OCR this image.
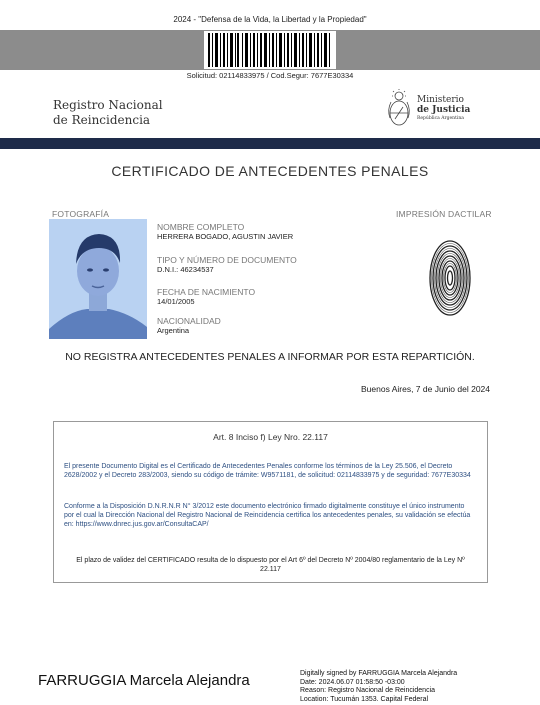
2024 - "Defensa de la Vida, la Libertad y la Propiedad"
Solicitud: 02114833975 / Cod.Segur: 7677E30334
Registro Nacional
de Reincidencia
Ministerio
de Justicia
República Argentina
CERTIFICADO DE ANTECEDENTES PENALES
FOTOGRAFÍA	IMPRESIÓN DACTILAR
NOMBRE COMPLETO
HERRERA BOGADO, AGUSTIN JAVIER
TIPO Y NÚMERO DE DOCUMENTO
D.N.I.: 46234537
FECHA DE NACIMIENTO
14/01/2005
NACIONALIDAD
Argentina
NO REGISTRA ANTECEDENTES PENALES A INFORMAR POR ESTA REPARTICIÓN.
Buenos Aires, 7 de Junio del 2024
Art. 8 Inciso f) Ley Nro. 22.117
El presente Documento Digital es el Certificado de Antecedentes Penales conforme los términos de la Ley 25.506, el Decreto 2628/2002 y el Decreto 283/2003, siendo su código de trámite: W9571181, de solicitud: 02114833975 y de seguridad: 7677E30334
Conforme a la Disposición D.N.R.N.R N° 3/2012 este documento electrónico firmado digitalmente constituye el único instrumento por el cual la Dirección Nacional del Registro Nacional de Reincidencia certifica los antecedentes penales, su validación se efectúa en: https://www.dnrec.jus.gov.ar/ConsultaCAP/
El plazo de validez del CERTIFICADO resulta de lo dispuesto por el Art 6º del Decreto Nº 2004/80 reglamentario de la Ley Nº 22.117
FARRUGGIA Marcela Alejandra	Digitally signed by FARRUGGIA Marcela Alejandra
Date: 2024.06.07 01:58:50 -03:00
Reason: Registro Nacional de Reincidencia
Location: Tucumán 1353. Capital Federal
